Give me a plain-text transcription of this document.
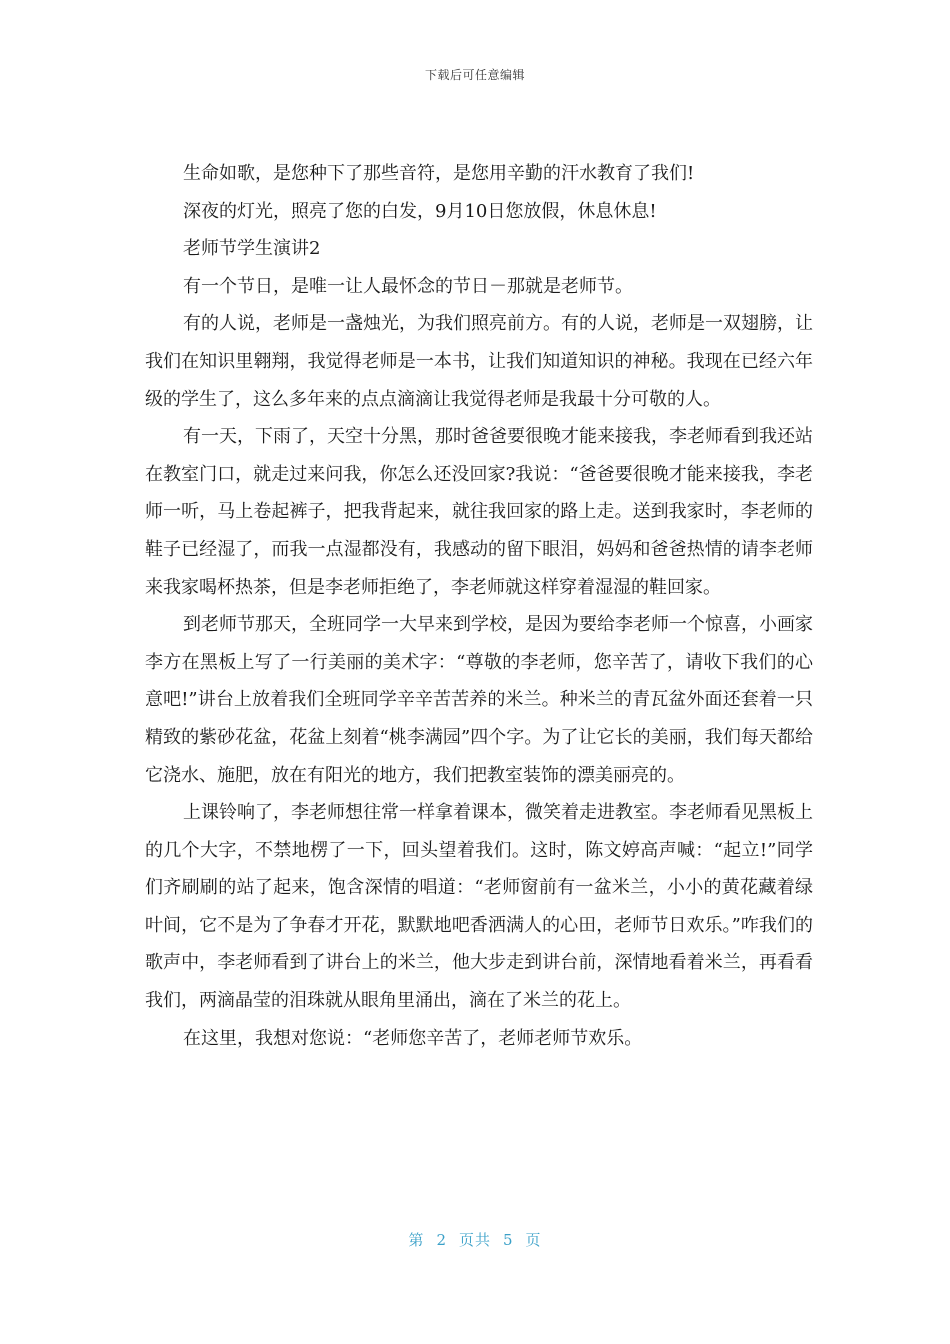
下载后可任意编辑

生命如歌，是您种下了那些音符，是您用辛勤的汗水教育了我们!

深夜的灯光，照亮了您的白发，9月10日您放假，休息休息!

老师节学生演讲2

有一个节日，是唯一让人最怀念的节日－那就是老师节。

有的人说，老师是一盏烛光，为我们照亮前方。有的人说，老师是一双翅膀，让我们在知识里翱翔，我觉得老师是一本书，让我们知道知识的神秘。我现在已经六年级的学生了，这么多年来的点点滴滴让我觉得老师是我最十分可敬的人。

有一天，下雨了，天空十分黑，那时爸爸要很晚才能来接我，李老师看到我还站在教室门口，就走过来问我，你怎么还没回家?我说：“爸爸要很晚才能来接我，李老师一听，马上卷起裤子，把我背起来，就往我回家的路上走。送到我家时，李老师的鞋子已经湿了，而我一点湿都没有，我感动的留下眼泪，妈妈和爸爸热情的请李老师来我家喝杯热茶，但是李老师拒绝了，李老师就这样穿着湿湿的鞋回家。

到老师节那天，全班同学一大早来到学校，是因为要给李老师一个惊喜，小画家李方在黑板上写了一行美丽的美术字：“尊敬的李老师，您辛苦了，请收下我们的心意吧!”讲台上放着我们全班同学辛辛苦苦养的米兰。种米兰的青瓦盆外面还套着一只精致的紫砂花盆，花盆上刻着“桃李满园”四个字。为了让它长的美丽，我们每天都给它浇水、施肥，放在有阳光的地方，我们把教室装饰的漂美丽亮的。

上课铃响了，李老师想往常一样拿着课本，微笑着走进教室。李老师看见黑板上的几个大字，不禁地楞了一下，回头望着我们。这时，陈文婷高声喊：“起立!”同学们齐刷刷的站了起来，饱含深情的唱道：“老师窗前有一盆米兰，小小的黄花藏着绿叶间，它不是为了争春才开花，默默地吧香洒满人的心田，老师节日欢乐。”咋我们的歌声中，李老师看到了讲台上的米兰，他大步走到讲台前，深情地看着米兰，再看看我们，两滴晶莹的泪珠就从眼角里涌出，滴在了米兰的花上。

在这里，我想对您说：“老师您辛苦了，老师老师节欢乐。

第 2 页共 5 页
